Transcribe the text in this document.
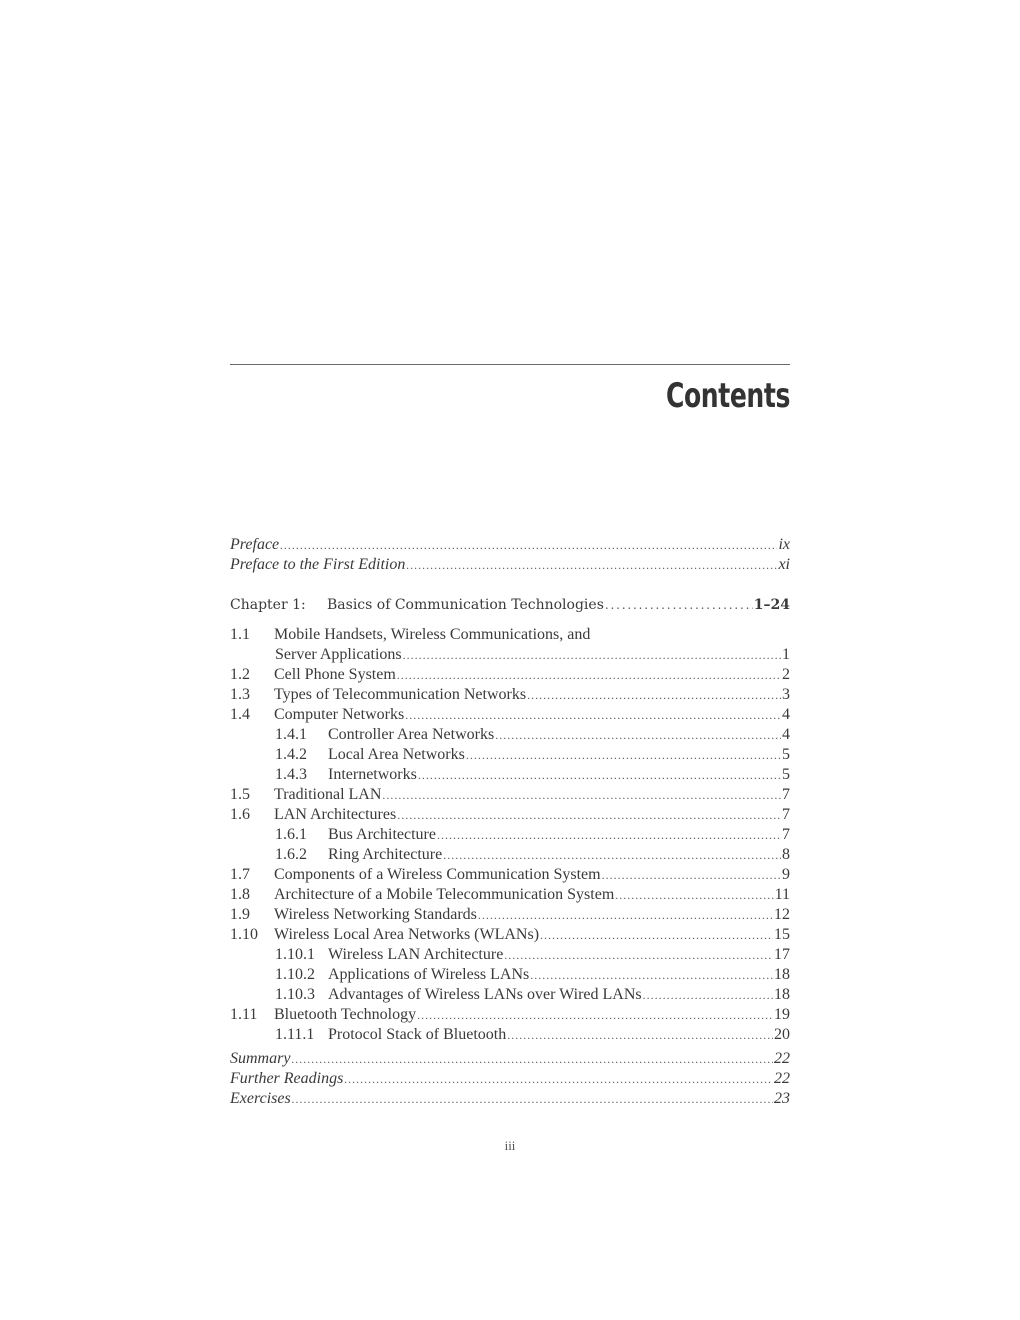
Contents
Preface . . .	ix
Preface to the First Edition . . .	xi
Chapter 1:	Basics of Communication Technologies . . .	1–24
1.1	Mobile Handsets, Wireless Communications, and
Server Applications . . .	1
1.2	Cell Phone System . . .	2
1.3	Types of Telecommunication Networks . . .	3
1.4	Computer Networks . . .	4
1.4.1	Controller Area Networks . . .	4
1.4.2	Local Area Networks . . .	5
1.4.3	Internetworks . . .	5
1.5	Traditional LAN . . .	7
1.6	LAN Architectures . . .	7
1.6.1	Bus Architecture . . .	7
1.6.2	Ring Architecture . . .	8
1.7	Components of a Wireless Communication System . . .	9
1.8	Architecture of a Mobile Telecommunication System . . .	11
1.9	Wireless Networking Standards . . .	12
1.10	Wireless Local Area Networks (WLANs) . . .	15
1.10.1 Wireless LAN Architecture . . .	17
1.10.2 Applications of Wireless LANs . . .	18
1.10.3 Advantages of Wireless LANs over Wired LANs . . .	18
1.11	Bluetooth Technology . . .	19
1.11.1 Protocol Stack of Bluetooth . . .	20
Summary . . .	22
Further Readings . . .	22
Exercises . . .	23
iii
